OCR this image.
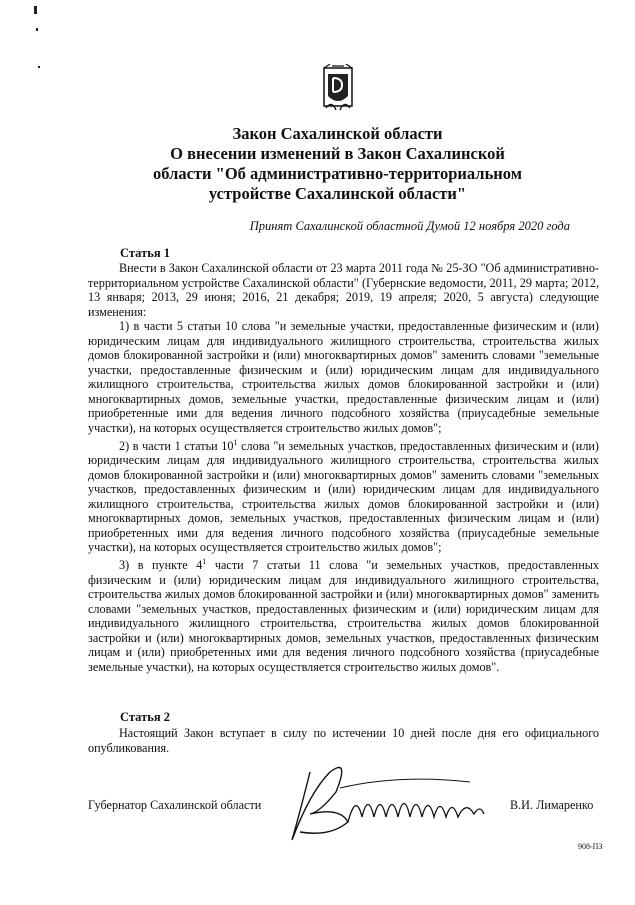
Закон Сахалинской области
О внесении изменений в Закон Сахалинской
области "Об административно-территориальном
устройстве Сахалинской области"
Принят Сахалинской областной Думой 12 ноября 2020 года
Статья 1

Внести в Закон Сахалинской области от 23 марта 2011 года № 25-ЗО "Об административно-территориальном устройстве Сахалинской области" (Губернские ведомости, 2011, 29 марта; 2012, 13 января; 2013, 29 июня; 2016, 21 декабря; 2019, 19 апреля; 2020, 5 августа) следующие изменения:

1) в части 5 статьи 10 слова "и земельные участки, предоставленные физическим и (или) юридическим лицам для индивидуального жилищного строительства, строительства жилых домов блокированной застройки и (или) многоквартирных домов" заменить словами "земельные участки, предоставленные физическим и (или) юридическим лицам для индивидуального жилищного строительства, строительства жилых домов блокированной застройки и (или) многоквартирных домов, земельные участки, предоставленные физическим лицам и (или) приобретенные ими для ведения личного подсобного хозяйства (приусадебные земельные участки), на которых осуществляется строительство жилых домов";

2) в части 1 статьи $10^1$ слова "и земельных участков, предоставленных физическим и (или) юридическим лицам для индивидуального жилищного строительства, строительства жилых домов блокированной застройки и (или) многоквартирных домов" заменить словами "земельных участков, предоставленных физическим и (или) юридическим лицам для индивидуального жилищного строительства, строительства жилых домов блокированной застройки и (или) многоквартирных домов, земельных участков, предоставленных физическим лицам и (или) приобретенных ими для ведения личного подсобного хозяйства (приусадебные земельные участки), на которых осуществляется строительство жилых домов";

3) в пункте $4^1$ части 7 статьи 11 слова "и земельных участков, предоставленных физическим и (или) юридическим лицам для индивидуального жилищного строительства, строительства жилых домов блокированной застройки и (или) многоквартирных домов" заменить словами "земельных участков, предоставленных физическим и (или) юридическим лицам для индивидуального жилищного строительства, строительства жилых домов блокированной застройки и (или) многоквартирных домов, земельных участков, предоставленных физическим лицам и (или) приобретенных ими для ведения личного подсобного хозяйства (приусадебные земельные участки), на которых осуществляется строительство жилых домов".

Статья 2

Настоящий Закон вступает в силу по истечении 10 дней после дня его официального опубликования.

Губернатор Сахалинской области	В.И. Лимаренко
908-ПЗ
